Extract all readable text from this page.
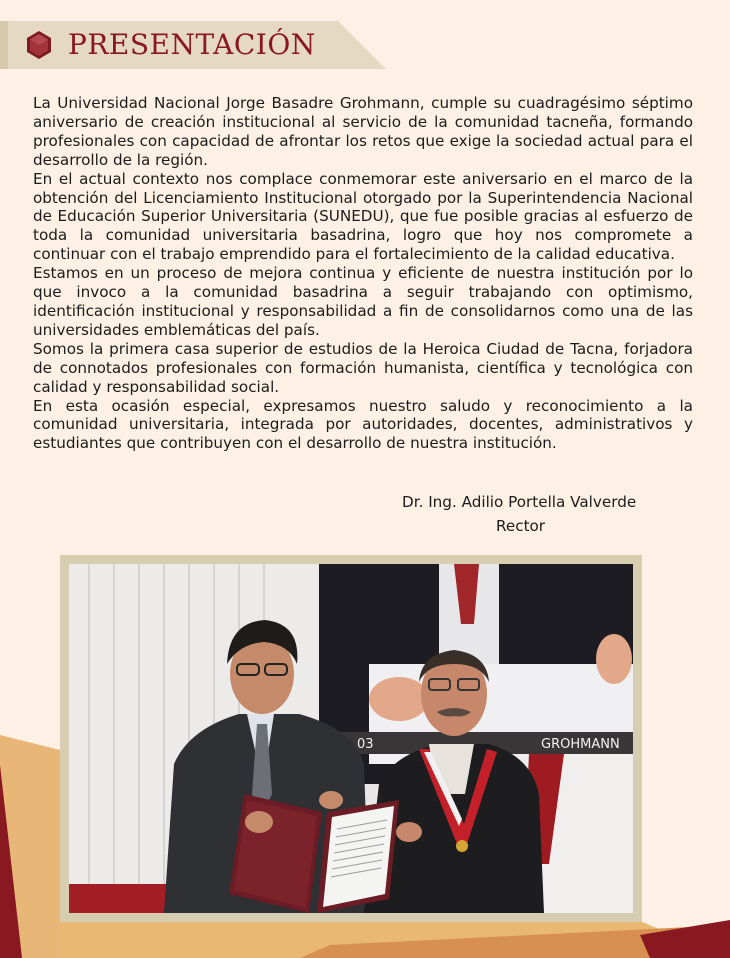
PRESENTACIÓN

La Universidad Nacional Jorge Basadre Grohmann, cumple su cuadragésimo séptimo aniversario de creación institucional al servicio de la comunidad tacneña, formando profesionales con capacidad de afrontar los retos que exige la sociedad actual para el desarrollo de la región.

En el actual contexto nos complace conmemorar este aniversario en el marco de la obtención del Licenciamiento Institucional otorgado por la Superintendencia Nacional de Educación Superior Universitaria (SUNEDU), que fue posible gracias al esfuerzo de toda la comunidad universitaria basadrina, logro que hoy nos compromete a continuar con el trabajo emprendido para el fortalecimiento de la calidad educativa.

Estamos en un proceso de mejora continua y eficiente de nuestra institución por lo que invoco a la comunidad basadrina a seguir trabajando con optimismo, identificación institucional y responsabilidad a fin de consolidarnos como una de las universidades emblemáticas del país.

Somos la primera casa superior de estudios de la Heroica Ciudad de Tacna, forjadora de connotados profesionales con formación humanista, científica y tecnológica con calidad y responsabilidad social.

En esta ocasión especial, expresamos nuestro saludo y reconocimiento a la comunidad universitaria, integrada por autoridades, docentes, administrativos y estudiantes que contribuyen con el desarrollo de nuestra institución.

Dr. Ing. Adilio Portella Valverde
Rector
03	GROHMANN
